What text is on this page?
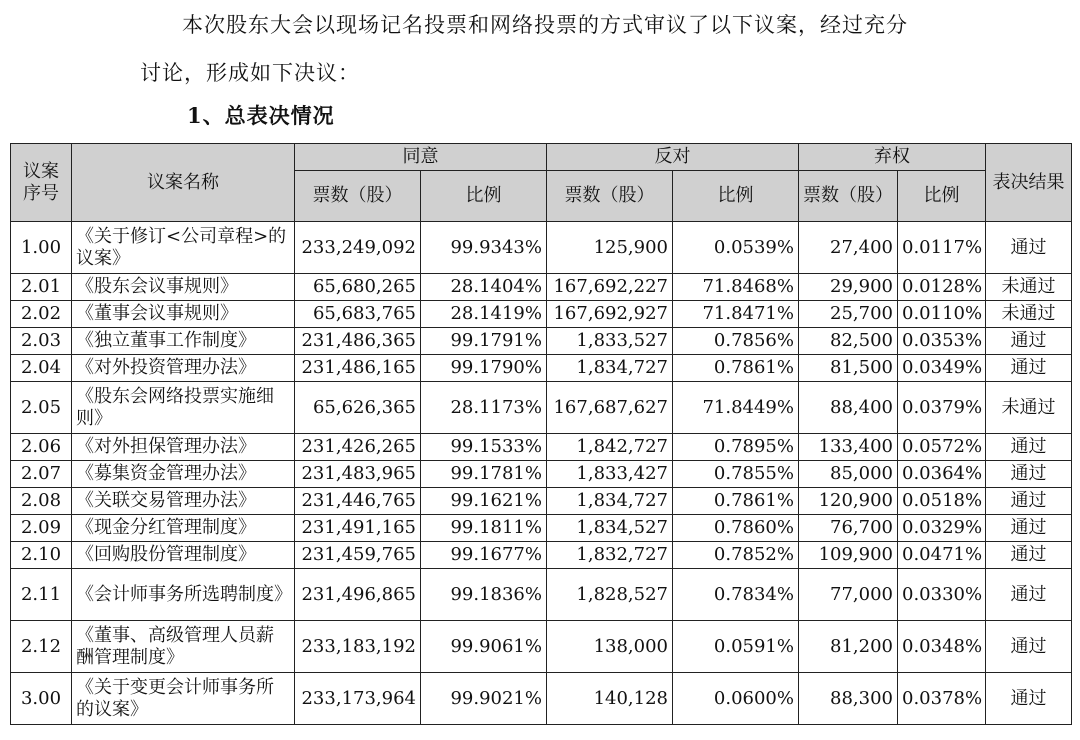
本次股东大会以现场记名投票和网络投票的方式审议了以下议案，经过充分
讨论，形成如下决议：
1、总表决情况
议案序号	议案名称	同意		反对		弃权		表决结果
		票数（股）	比例	票数（股）	比例	票数（股）	比例	
1.00	《关于修订<公司章程>的议案》	233,249,092	99.9343%	125,900	0.0539%	27,400	0.0117%	通过
2.01	《股东会议事规则》	65,680,265	28.1404%	167,692,227	71.8468%	29,900	0.0128%	未通过
2.02	《董事会议事规则》	65,683,765	28.1419%	167,692,927	71.8471%	25,700	0.0110%	未通过
2.03	《独立董事工作制度》	231,486,365	99.1791%	1,833,527	0.7856%	82,500	0.0353%	通过
2.04	《对外投资管理办法》	231,486,165	99.1790%	1,834,727	0.7861%	81,500	0.0349%	通过
2.05	《股东会网络投票实施细则》	65,626,365	28.1173%	167,687,627	71.8449%	88,400	0.0379%	未通过
2.06	《对外担保管理办法》	231,426,265	99.1533%	1,842,727	0.7895%	133,400	0.0572%	通过
2.07	《募集资金管理办法》	231,483,965	99.1781%	1,833,427	0.7855%	85,000	0.0364%	通过
2.08	《关联交易管理办法》	231,446,765	99.1621%	1,834,727	0.7861%	120,900	0.0518%	通过
2.09	《现金分红管理制度》	231,491,165	99.1811%	1,834,527	0.7860%	76,700	0.0329%	通过
2.10	《回购股份管理制度》	231,459,765	99.1677%	1,832,727	0.7852%	109,900	0.0471%	通过
2.11	《会计师事务所选聘制度》	231,496,865	99.1836%	1,828,527	0.7834%	77,000	0.0330%	通过
2.12	《董事、高级管理人员薪酬管理制度》	233,183,192	99.9061%	138,000	0.0591%	81,200	0.0348%	通过
3.00	《关于变更会计师事务所的议案》	233,173,964	99.9021%	140,128	0.0600%	88,300	0.0378%	通过
